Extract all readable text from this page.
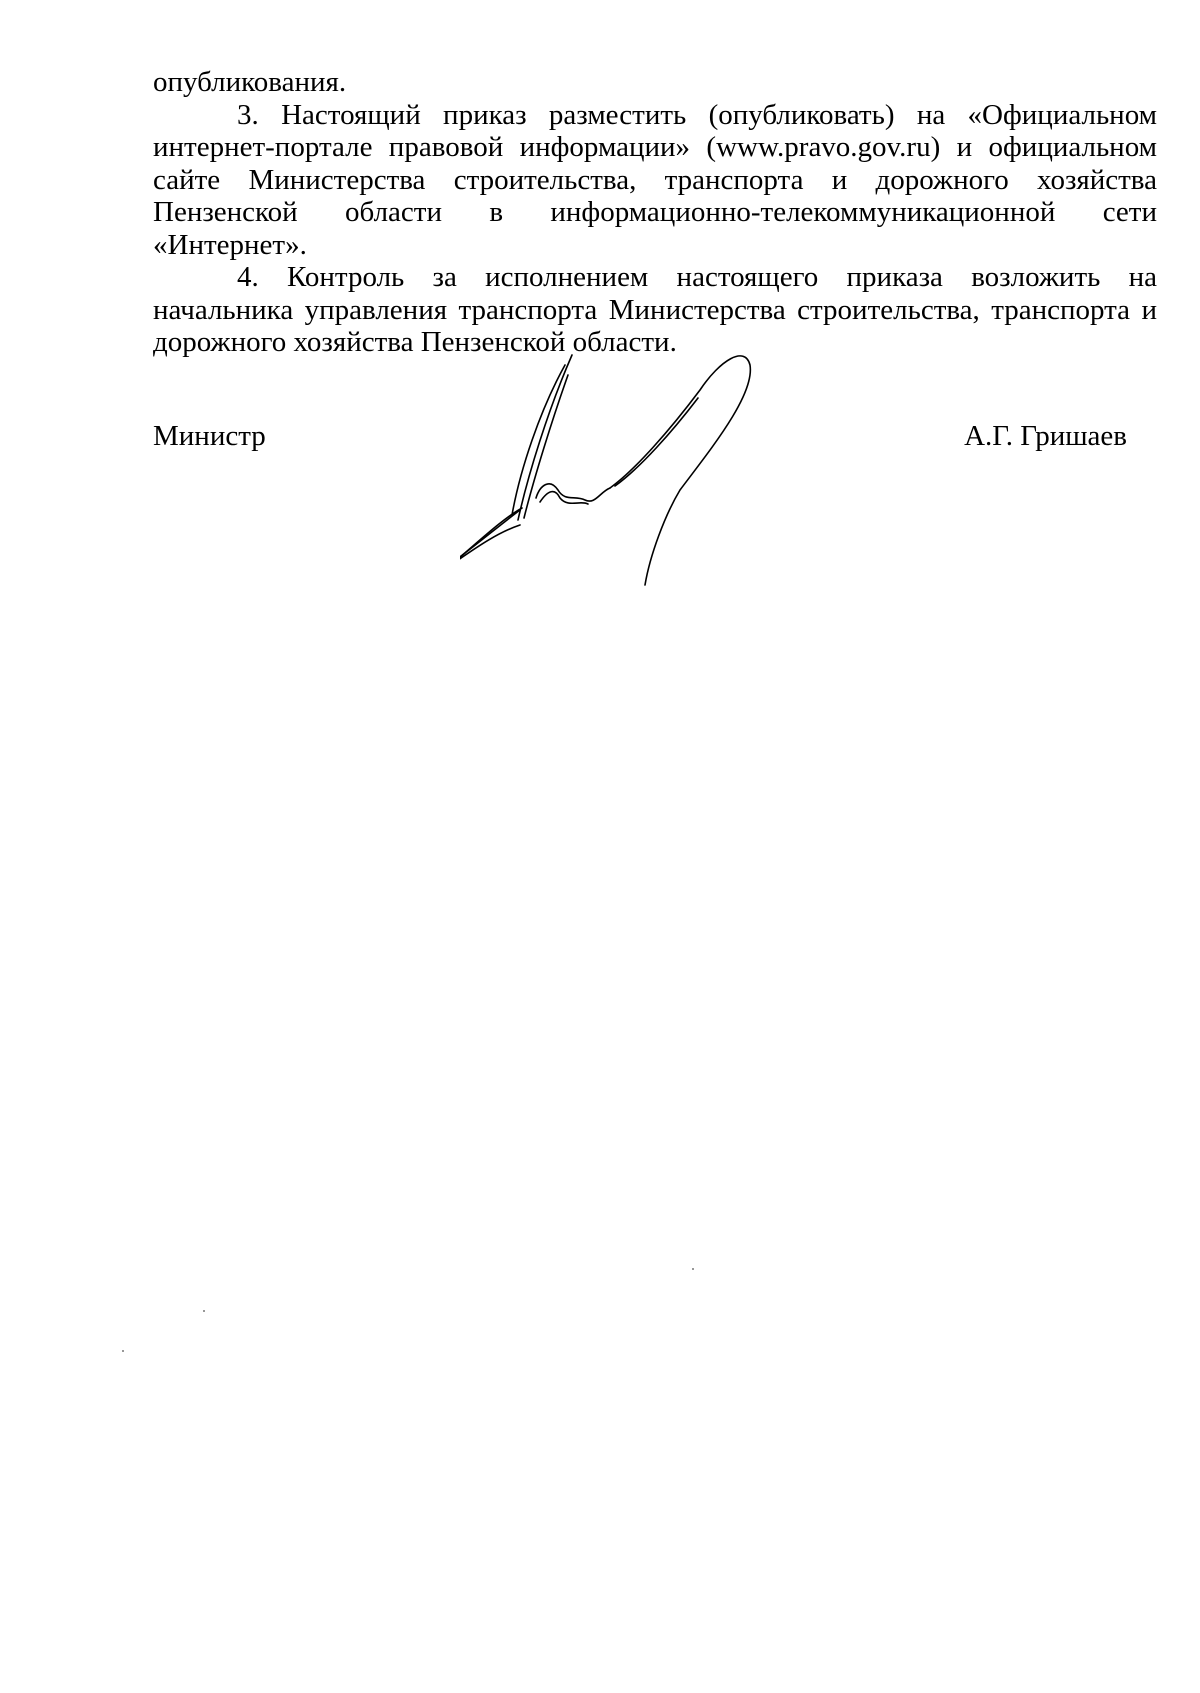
опубликования.

3. Настоящий приказ разместить (опубликовать) на «Официальном интернет-портале правовой информации» (www.pravo.gov.ru) и официальном сайте Министерства строительства, транспорта и дорожного хозяйства Пензенской области в информационно-телекоммуникационной сети «Интернет».

4. Контроль за исполнением настоящего приказа возложить на начальника управления транспорта Министерства строительства, транспорта и дорожного хозяйства Пензенской области.

Министр	А.Г. Гришаев
